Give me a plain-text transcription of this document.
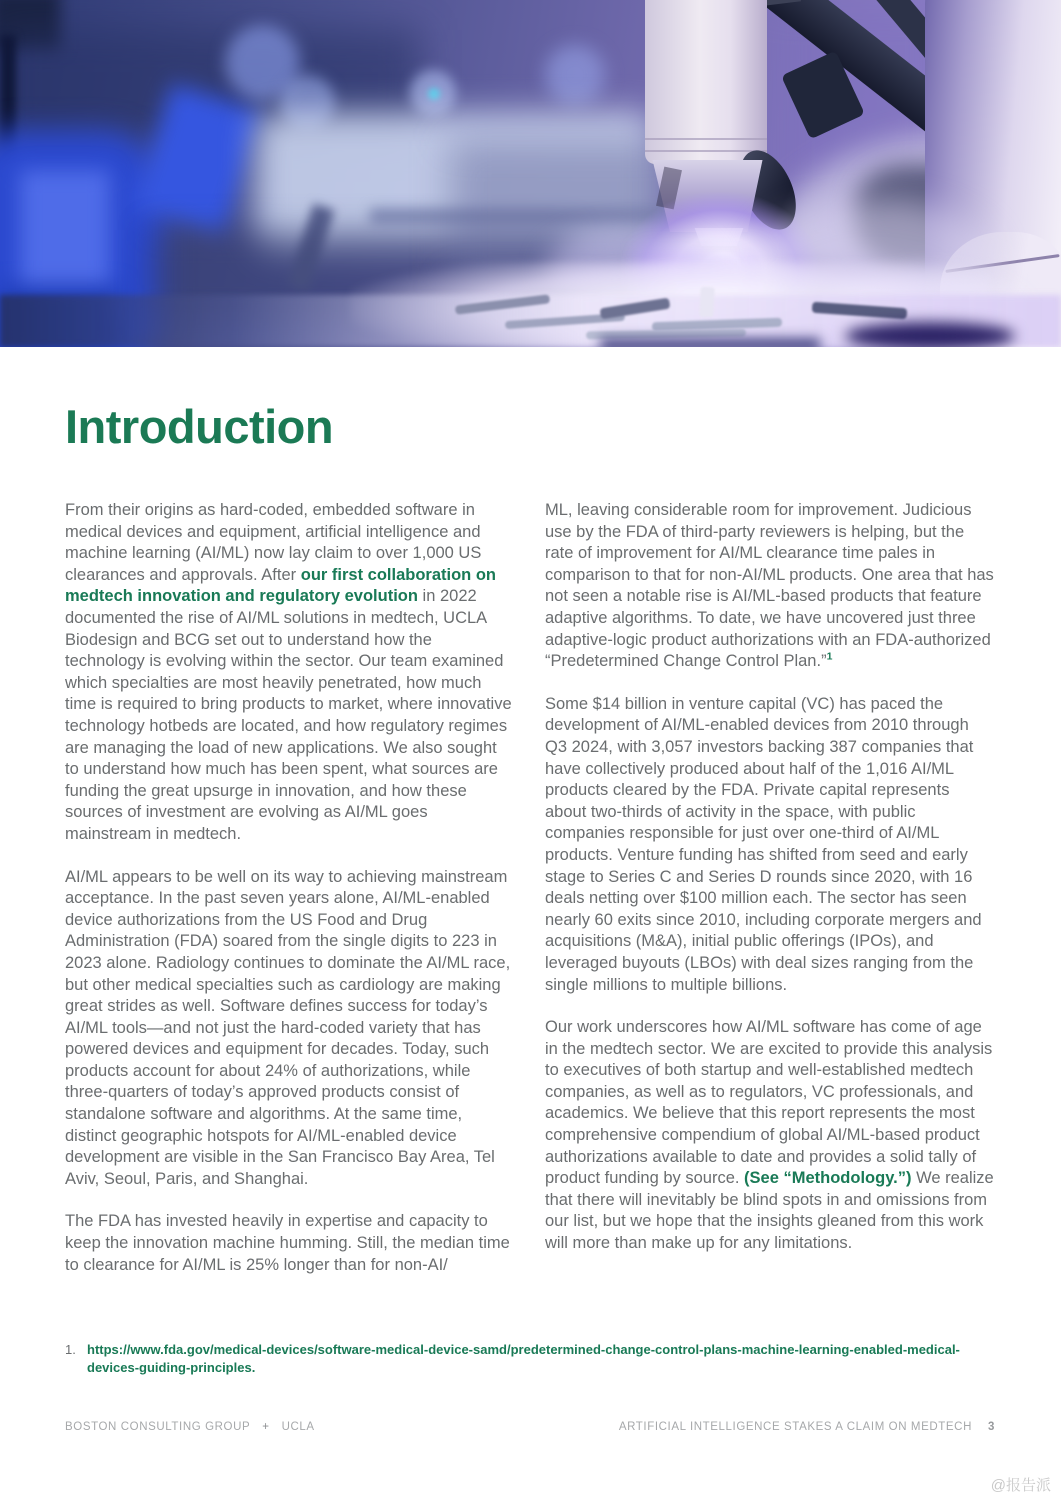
Introduction

From their origins as hard-coded, embedded software in medical devices and equipment, artificial intelligence and machine learning (AI/ML) now lay claim to over 1,000 US clearances and approvals. After our first collaboration on medtech innovation and regulatory evolution in 2022 documented the rise of AI/ML solutions in medtech, UCLA Biodesign and BCG set out to understand how the technology is evolving within the sector. Our team examined which specialties are most heavily penetrated, how much time is required to bring products to market, where innovative technology hotbeds are located, and how regulatory regimes are managing the load of new applications. We also sought to understand how much has been spent, what sources are funding the great upsurge in innovation, and how these sources of investment are evolving as AI/ML goes mainstream in medtech.

AI/ML appears to be well on its way to achieving mainstream acceptance. In the past seven years alone, AI/ML-enabled device authorizations from the US Food and Drug Administration (FDA) soared from the single digits to 223 in 2023 alone. Radiology continues to dominate the AI/ML race, but other medical specialties such as cardiology are making great strides as well. Software defines success for today’s AI/ML tools—and not just the hard-coded variety that has powered devices and equipment for decades. Today, such products account for about 24% of authorizations, while three-quarters of today’s approved products consist of standalone software and algorithms. At the same time, distinct geographic hotspots for AI/ML-enabled device development are visible in the San Francisco Bay Area, Tel Aviv, Seoul, Paris, and Shanghai.

The FDA has invested heavily in expertise and capacity to keep the innovation machine humming. Still, the median time to clearance for AI/ML is 25% longer than for non-AI/

ML, leaving considerable room for improvement. Judicious use by the FDA of third-party reviewers is helping, but the rate of improvement for AI/ML clearance time pales in comparison to that for non-AI/ML products. One area that has not seen a notable rise is AI/ML-based products that feature adaptive algorithms. To date, we have uncovered just three adaptive-logic product authorizations with an FDA-authorized “Predetermined Change Control Plan.”$^1$

Some $14 billion in venture capital (VC) has paced the development of AI/ML-enabled devices from 2010 through Q3 2024, with 3,057 investors backing 387 companies that have collectively produced about half of the 1,016 AI/ML products cleared by the FDA. Private capital represents about two-thirds of activity in the space, with public companies responsible for just over one-third of AI/ML products. Venture funding has shifted from seed and early stage to Series C and Series D rounds since 2020, with 16 deals netting over $100 million each. The sector has seen nearly 60 exits since 2010, including corporate mergers and acquisitions (M&A), initial public offerings (IPOs), and leveraged buyouts (LBOs) with deal sizes ranging from the single millions to multiple billions.

Our work underscores how AI/ML software has come of age in the medtech sector. We are excited to provide this analysis to executives of both startup and well-established medtech companies, as well as to regulators, VC professionals, and academics. We believe that this report represents the most comprehensive compendium of global AI/ML-based product authorizations available to date and provides a solid tally of product funding by source. (See “Methodology.”) We realize that there will inevitably be blind spots in and omissions from our list, but we hope that the insights gleaned from this work will more than make up for any limitations.

1. https://www.fda.gov/medical-devices/software-medical-device-samd/predetermined-change-control-plans-machine-learning-enabled-medical-devices-guiding-principles.
BOSTON CONSULTING GROUP + UCLA	ARTIFICIAL INTELLIGENCE STAKES A CLAIM ON MEDTECH 3
@报告派
